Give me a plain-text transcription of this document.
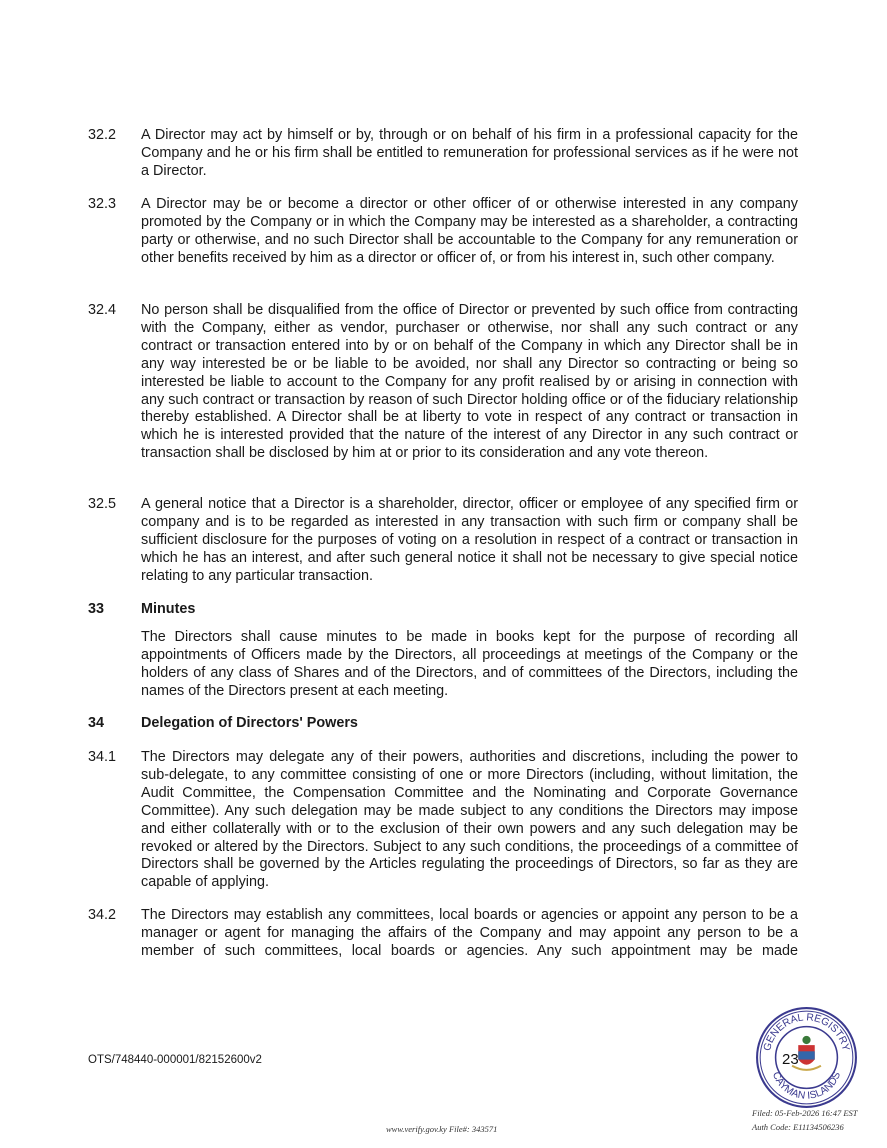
32.2	A Director may act by himself or by, through or on behalf of his firm in a professional capacity for the Company and he or his firm shall be entitled to remuneration for professional services as if he were not a Director.
32.3	A Director may be or become a director or other officer of or otherwise interested in any company promoted by the Company or in which the Company may be interested as a shareholder, a contracting party or otherwise, and no such Director shall be accountable to the Company for any remuneration or other benefits received by him as a director or officer of, or from his interest in, such other company.
32.4	No person shall be disqualified from the office of Director or prevented by such office from contracting with the Company, either as vendor, purchaser or otherwise, nor shall any such contract or any contract or transaction entered into by or on behalf of the Company in which any Director shall be in any way interested be or be liable to be avoided, nor shall any Director so contracting or being so interested be liable to account to the Company for any profit realised by or arising in connection with any such contract or transaction by reason of such Director holding office or of the fiduciary relationship thereby established. A Director shall be at liberty to vote in respect of any contract or transaction in which he is interested provided that the nature of the interest of any Director in any such contract or transaction shall be disclosed by him at or prior to its consideration and any vote thereon.
32.5	A general notice that a Director is a shareholder, director, officer or employee of any specified firm or company and is to be regarded as interested in any transaction with such firm or company shall be sufficient disclosure for the purposes of voting on a resolution in respect of a contract or transaction in which he has an interest, and after such general notice it shall not be necessary to give special notice relating to any particular transaction.
33	Minutes
The Directors shall cause minutes to be made in books kept for the purpose of recording all appointments of Officers made by the Directors, all proceedings at meetings of the Company or the holders of any class of Shares and of the Directors, and of committees of the Directors, including the names of the Directors present at each meeting.
34	Delegation of Directors' Powers
34.1	The Directors may delegate any of their powers, authorities and discretions, including the power to sub-delegate, to any committee consisting of one or more Directors (including, without limitation, the Audit Committee, the Compensation Committee and the Nominating and Corporate Governance Committee). Any such delegation may be made subject to any conditions the Directors may impose and either collaterally with or to the exclusion of their own powers and any such delegation may be revoked or altered by the Directors. Subject to any such conditions, the proceedings of a committee of Directors shall be governed by the Articles regulating the proceedings of Directors, so far as they are capable of applying.
34.2	The Directors may establish any committees, local boards or agencies or appoint any person to be a manager or agent for managing the affairs of the Company and may appoint any person to be a member of such committees, local boards or agencies. Any such appointment may be made
OTS/748440-000001/82152600v2
GENERAL REGISTRY
CAYMAN ISLANDS
23
Filed: 05-Feb-2026 16:47 EST
Auth Code: E11134506236
www.verify.gov.ky File#: 343571
